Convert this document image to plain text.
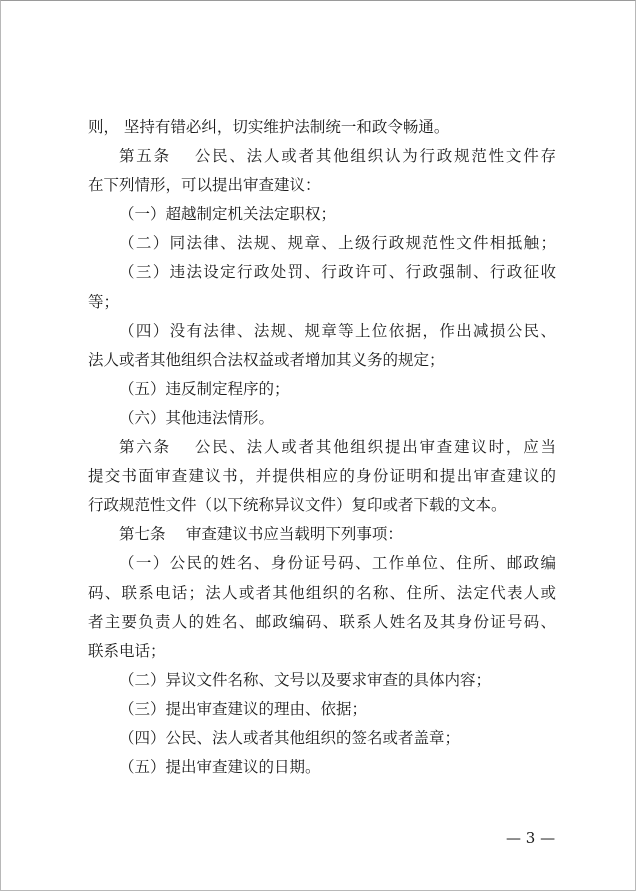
则， 坚持有错必纠，切实维护法制统一和政令畅通。
第五条　 公民、法人或者其他组织认为行政规范性文件存
在下列情形，可以提出审查建议：
（一）超越制定机关法定职权；
（二）同法律、法规、规章、上级行政规范性文件相抵触；
（三）违法设定行政处罚、行政许可、行政强制、行政征收
等；
（四）没有法律、法规、规章等上位依据，作出减损公民、
法人或者其他组织合法权益或者增加其义务的规定；
（五）违反制定程序的；
（六）其他违法情形。
第六条　 公民、法人或者其他组织提出审查建议时，应当
提交书面审查建议书，并提供相应的身份证明和提出审查建议的
行政规范性文件（以下统称异议文件）复印或者下载的文本。
第七条　 审查建议书应当载明下列事项：
（一）公民的姓名、身份证号码、工作单位、住所、邮政编
码、联系电话；法人或者其他组织的名称、住所、法定代表人或
者主要负责人的姓名、邮政编码、联系人姓名及其身份证号码、
联系电话；
（二）异议文件名称、文号以及要求审查的具体内容；
（三）提出审查建议的理由、依据；
（四）公民、法人或者其他组织的签名或者盖章；
（五）提出审查建议的日期。
— 3 —
